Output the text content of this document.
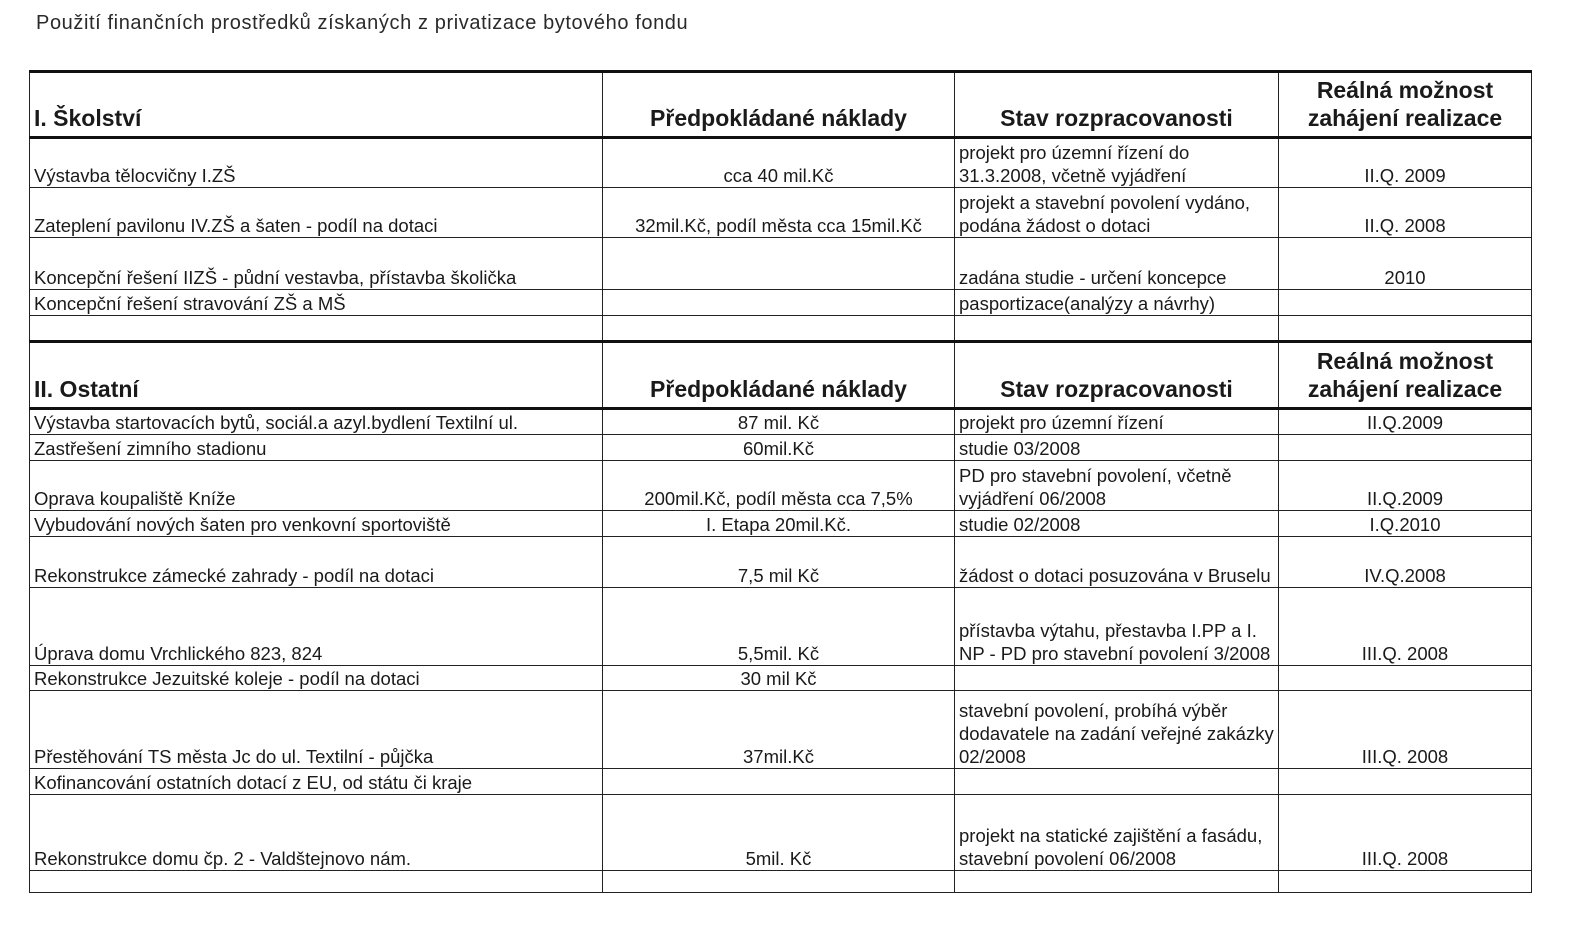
Použití finančních prostředků získaných z privatizace bytového fondu
I. Školství	Předpokládané náklady	Stav rozpracovanosti	Reálná možnost zahájení realizace
Výstavba tělocvičny I.ZŠ	cca 40 mil.Kč	projekt pro územní řízení do 31.3.2008, včetně vyjádření	II.Q. 2009
Zateplení pavilonu IV.ZŠ a šaten - podíl na dotaci	32mil.Kč, podíl města cca 15mil.Kč	projekt a stavební povolení vydáno, podána žádost o dotaci	II.Q. 2008
Koncepční řešení IIZŠ - půdní vestavba, přístavba školička		zadána studie - určení koncepce	2010
Koncepční řešení stravování ZŠ a MŠ		pasportizace(analýzy a návrhy)	

II. Ostatní	Předpokládané náklady	Stav rozpracovanosti	Reálná možnost zahájení realizace
Výstavba startovacích bytů, sociál.a azyl.bydlení Textilní ul.	87 mil. Kč	projekt pro územní řízení	II.Q.2009
Zastřešení zimního stadionu	60mil.Kč	studie 03/2008	
Oprava koupaliště Kníže	200mil.Kč, podíl města cca 7,5%	PD pro stavební povolení, včetně vyjádření 06/2008	II.Q.2009
Vybudování nových šaten pro venkovní sportoviště	I. Etapa 20mil.Kč.	studie 02/2008	I.Q.2010
Rekonstrukce zámecké zahrady - podíl na dotaci	7,5 mil Kč	žádost o dotaci posuzována v Bruselu	IV.Q.2008
Úprava domu Vrchlického 823, 824	5,5mil. Kč	přístavba výtahu, přestavba I.PP a I. NP - PD pro stavební povolení 3/2008	III.Q. 2008
Rekonstrukce Jezuitské koleje - podíl na dotaci	30 mil Kč		
Přestěhování TS města Jc do ul. Textilní - půjčka	37mil.Kč	stavební povolení, probíhá výběr dodavatele na zadání veřejné zakázky 02/2008	III.Q. 2008
Kofinancování ostatních dotací z EU, od státu či kraje			
Rekonstrukce domu čp. 2 - Valdštejnovo nám.	5mil. Kč	projekt na statické zajištění a fasádu, stavební povolení 06/2008	III.Q. 2008
